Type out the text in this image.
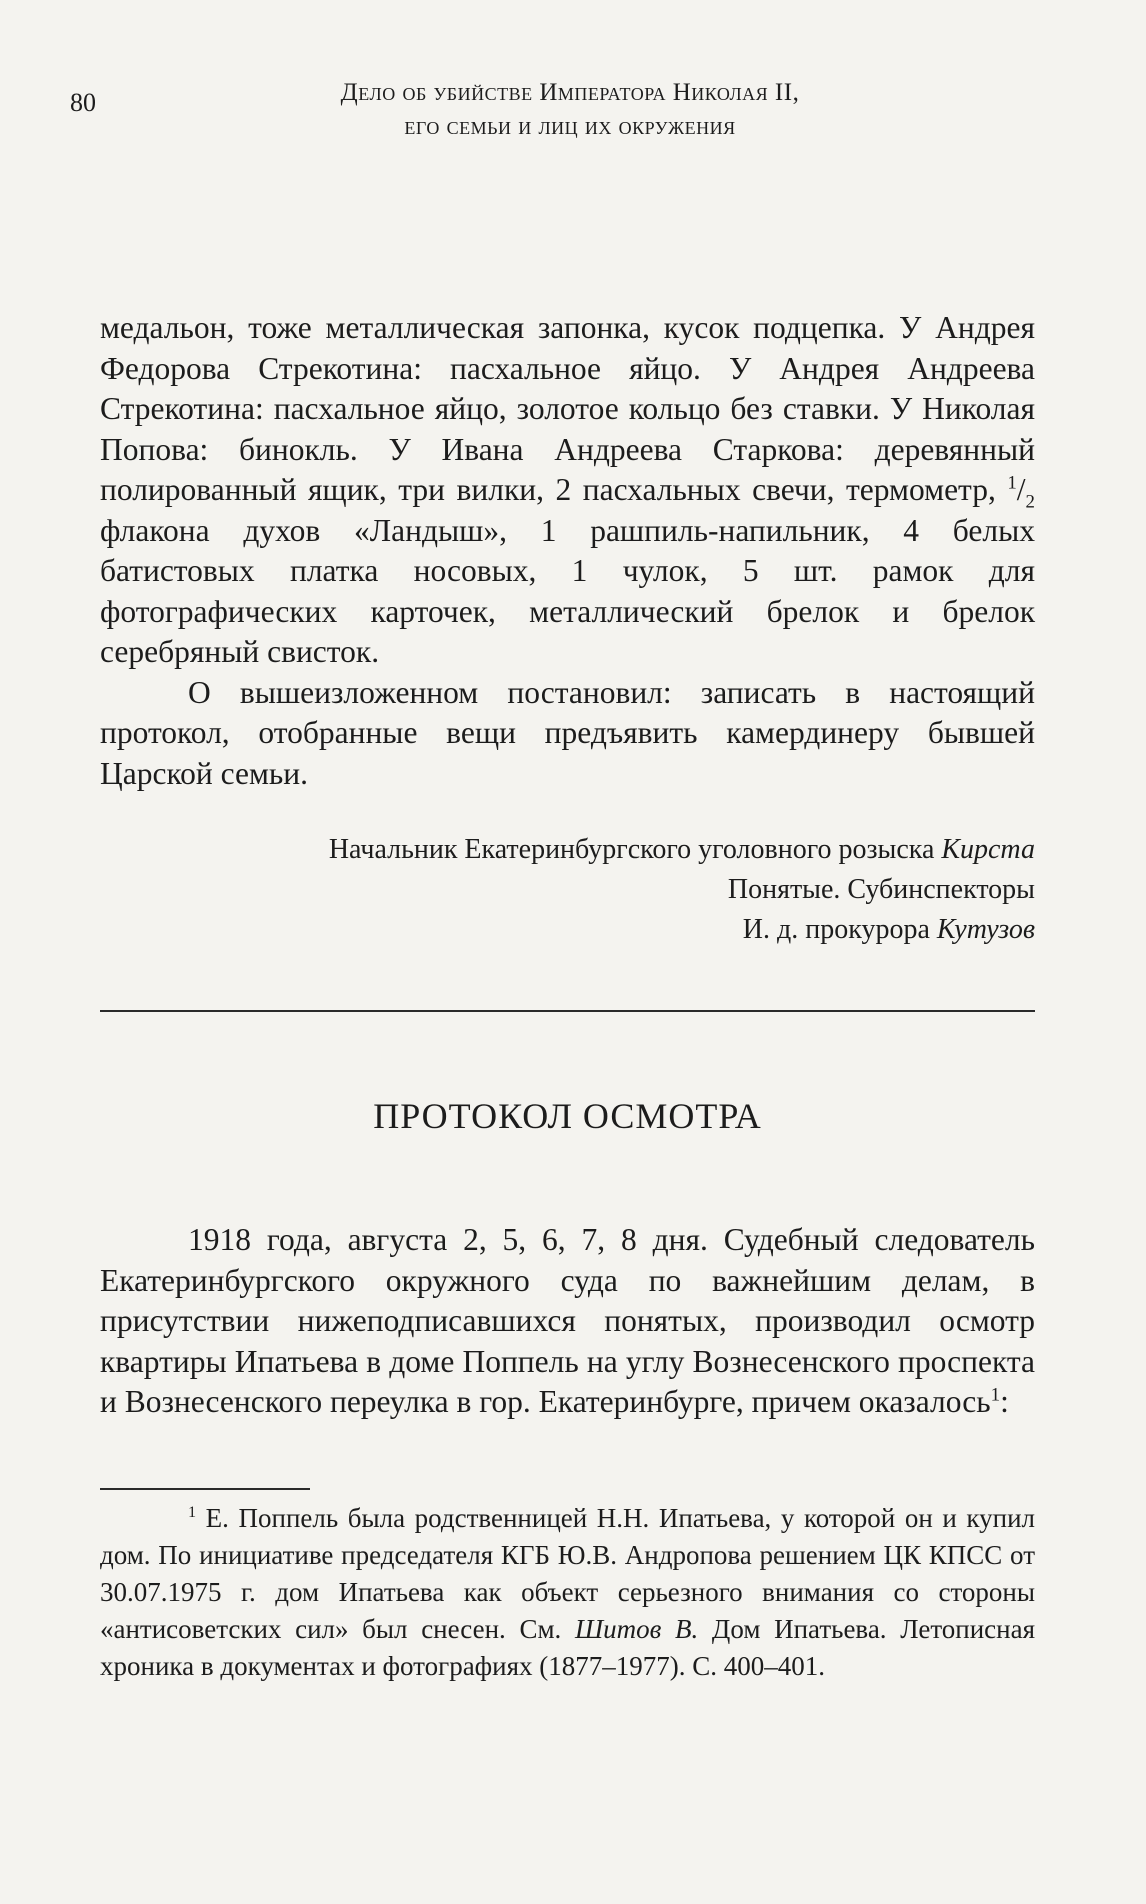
80	Дело об убийстве Императора Николая II,
его семьи и лиц их окружения

медальон, тоже металлическая запонка, кусок подцепка. У Андрея Федорова Стрекотина: пасхальное яйцо. У Андрея Андреева Стрекотина: пасхальное яйцо, золотое кольцо без ставки. У Николая Попова: бинокль. У Ивана Андреева Старкова: деревянный полированный ящик, три вилки, 2 пасхальных свечи, термометр, $^1/_2$ флакона духов «Ландыш», 1 рашпиль-напильник, 4 белых батистовых платка носовых, 1 чулок, 5 шт. рамок для фотографических карточек, металлический брелок и брелок серебряный свисток.

О вышеизложенном постановил: записать в настоящий протокол, отобранные вещи предъявить камердинеру бывшей Царской семьи.

Начальник Екатеринбургского уголовного розыска Кирста
Понятые. Субинспекторы
И. д. прокурора Кутузов
ПРОТОКОЛ ОСМОТРА

1918 года, августа 2, 5, 6, 7, 8 дня. Судебный следователь Екатеринбургского окружного суда по важнейшим делам, в присутствии нижеподписавшихся понятых, производил осмотр квартиры Ипатьева в доме Поппель на углу Вознесенского проспекта и Вознесенского переулка в гор. Екатеринбурге, причем оказалось$^1$:

$^1$ Е. Поппель была родственницей Н.Н. Ипатьева, у которой он и купил дом. По инициативе председателя КГБ Ю.В. Андропова решением ЦК КПСС от 30.07.1975 г. дом Ипатьева как объект серьезного внимания со стороны «антисоветских сил» был снесен. См. Шитов В. Дом Ипатьева. Летописная хроника в документах и фотографиях (1877–1977). С. 400–401.
